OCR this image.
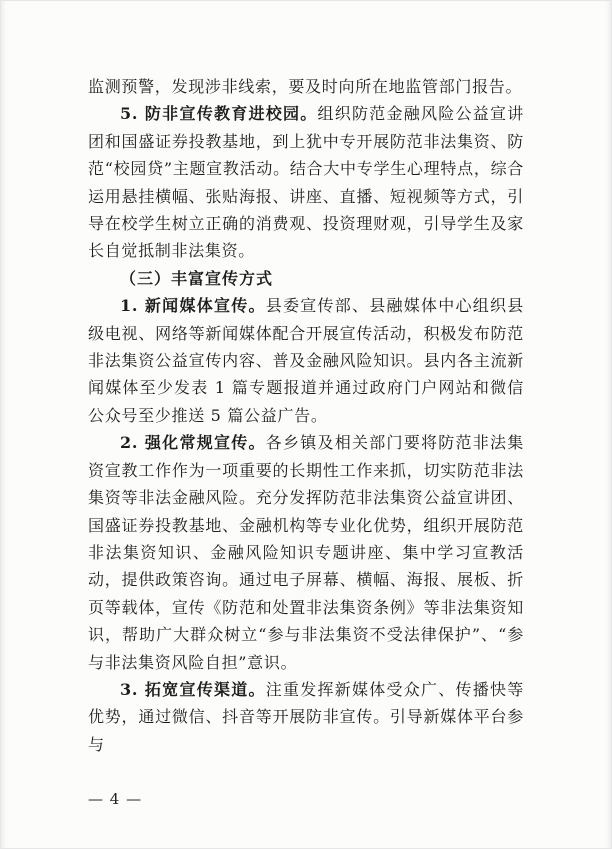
监测预警，发现涉非线索，要及时向所在地监管部门报告。

5. 防非宣传教育进校园。组织防范金融风险公益宣讲团和国盛证券投教基地，到上犹中专开展防范非法集资、防范“校园贷”主题宣教活动。结合大中专学生心理特点，综合运用悬挂横幅、张贴海报、讲座、直播、短视频等方式，引导在校学生树立正确的消费观、投资理财观，引导学生及家长自觉抵制非法集资。

（三）丰富宣传方式

1. 新闻媒体宣传。县委宣传部、县融媒体中心组织县级电视、网络等新闻媒体配合开展宣传活动，积极发布防范非法集资公益宣传内容、普及金融风险知识。县内各主流新闻媒体至少发表 1 篇专题报道并通过政府门户网站和微信公众号至少推送 5 篇公益广告。

2. 强化常规宣传。各乡镇及相关部门要将防范非法集资宣教工作作为一项重要的长期性工作来抓，切实防范非法集资等非法金融风险。充分发挥防范非法集资公益宣讲团、国盛证券投教基地、金融机构等专业化优势，组织开展防范非法集资知识、金融风险知识专题讲座、集中学习宣教活动，提供政策咨询。通过电子屏幕、横幅、海报、展板、折页等载体，宣传《防范和处置非法集资条例》等非法集资知识，帮助广大群众树立“参与非法集资不受法律保护”、“参与非法集资风险自担”意识。

3. 拓宽宣传渠道。注重发挥新媒体受众广、传播快等优势，通过微信、抖音等开展防非宣传。引导新媒体平台参与

— 4 —
